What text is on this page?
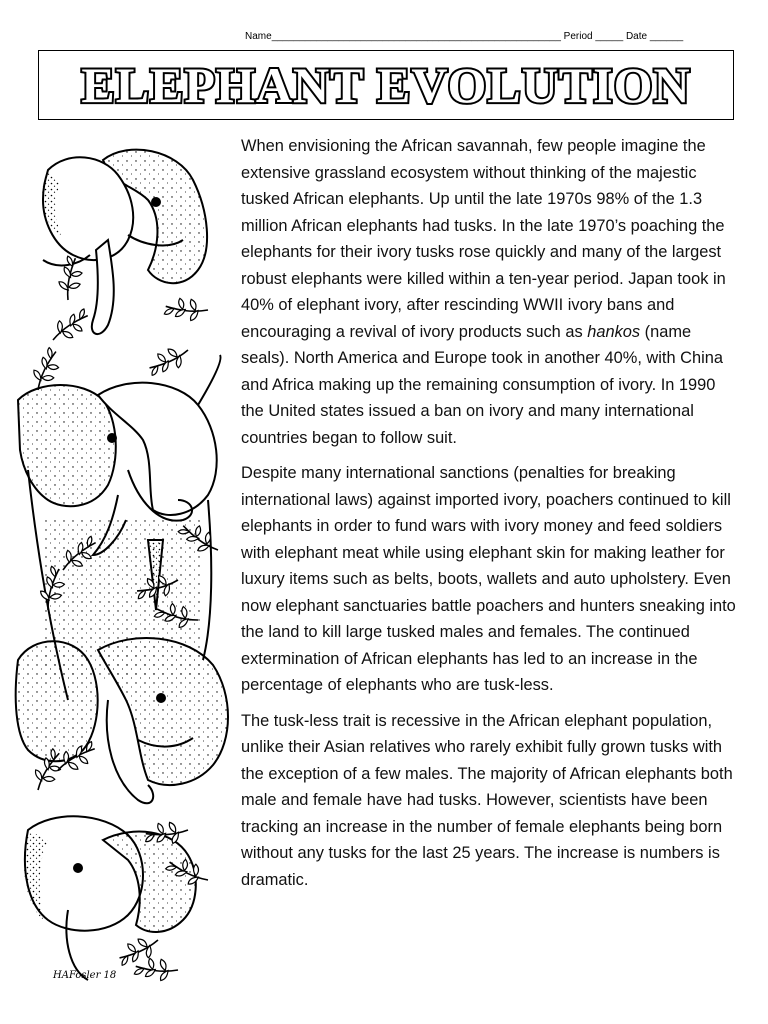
Name____________________________________________________ Period _____ Date ______
ELEPHANT EVOLUTION
HAFosler 18

When envisioning the African savannah, few people imagine the extensive grassland ecosystem without thinking of the majestic tusked African elephants. Up until the late 1970s 98% of the 1.3 million African elephants had tusks. In the late 1970’s poaching the elephants for their ivory tusks rose quickly and many of the largest robust elephants were killed within a ten-year period. Japan took in 40% of elephant ivory, after rescinding WWII ivory bans and encouraging a revival of ivory products such as hankos (name seals). North America and Europe took in another 40%, with China and Africa making up the remaining consumption of ivory. In 1990 the United states issued a ban on ivory and many international countries began to follow suit.

Despite many international sanctions (penalties for breaking international laws) against imported ivory, poachers continued to kill elephants in order to fund wars with ivory money and feed soldiers with elephant meat while using elephant skin for making leather for luxury items such as belts, boots, wallets and auto upholstery. Even now elephant sanctuaries battle poachers and hunters sneaking into the land to kill large tusked males and females. The continued extermination of African elephants has led to an increase in the percentage of elephants who are tusk-less.

The tusk-less trait is recessive in the African elephant population, unlike their Asian relatives who rarely exhibit fully grown tusks with the exception of a few males. The majority of African elephants both male and female have had tusks. However, scientists have been tracking an increase in the number of female elephants being born without any tusks for the last 25 years. The increase is numbers is dramatic.
